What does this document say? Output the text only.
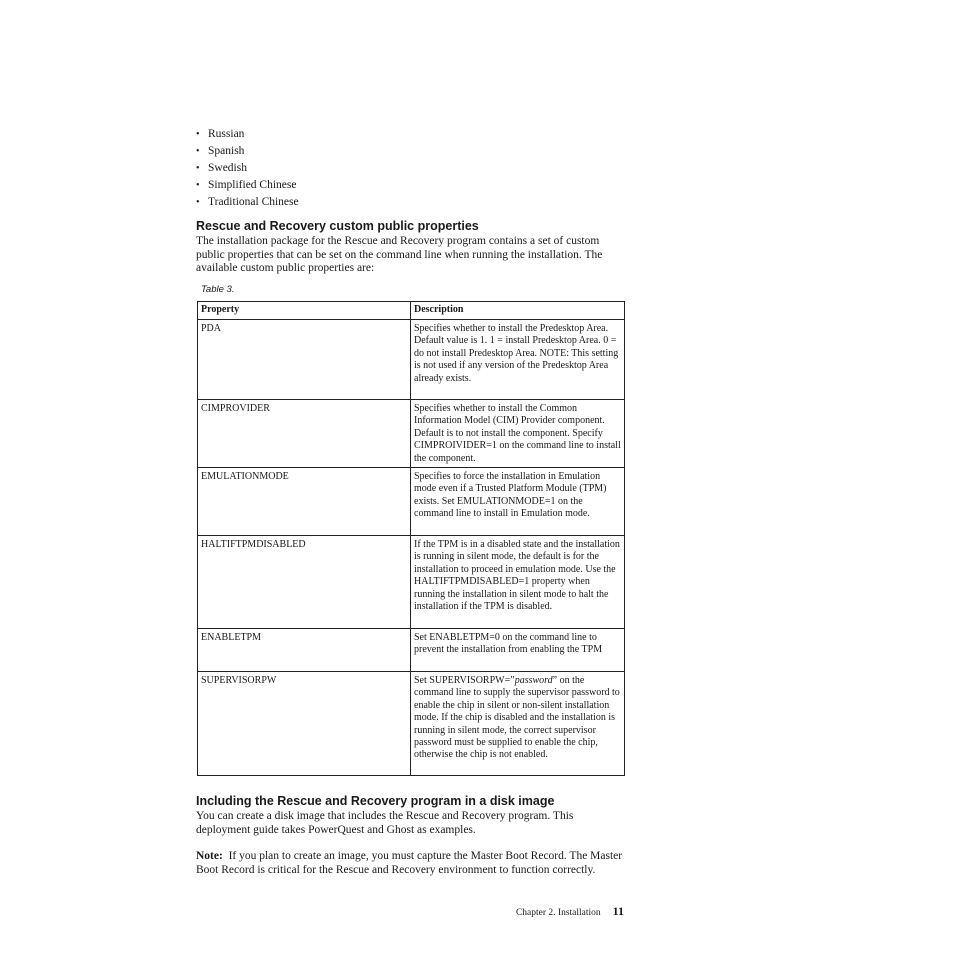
• Russian
• Spanish
• Swedish
• Simplified Chinese
• Traditional Chinese
Rescue and Recovery custom public properties

The installation package for the Rescue and Recovery program contains a set of custom public properties that can be set on the command line when running the installation. The available custom public properties are:

Table 3.
Property	Description
PDA	Specifies whether to install the Predesktop Area. Default value is 1. 1 = install Predesktop Area. 0 = do not install Predesktop Area. NOTE: This setting is not used if any version of the Predesktop Area already exists.
CIMPROVIDER	Specifies whether to install the Common Information Model (CIM) Provider component. Default is to not install the component. Specify CIMPROIVIDER=1 on the command line to install the component.
EMULATIONMODE	Specifies to force the installation in Emulation mode even if a Trusted Platform Module (TPM) exists. Set EMULATIONMODE=1 on the command line to install in Emulation mode.
HALTIFTPMDISABLED	If the TPM is in a disabled state and the installation is running in silent mode, the default is for the installation to proceed in emulation mode. Use the HALTIFTPMDISABLED=1 property when running the installation in silent mode to halt the installation if the TPM is disabled.
ENABLETPM	Set ENABLETPM=0 on the command line to prevent the installation from enabling the TPM
SUPERVISORPW	Set SUPERVISORPW=”password” on the command line to supply the supervisor password to enable the chip in silent or non-silent installation mode. If the chip is disabled and the installation is running in silent mode, the correct supervisor password must be supplied to enable the chip, otherwise the chip is not enabled.
Including the Rescue and Recovery program in a disk image

You can create a disk image that includes the Rescue and Recovery program. This deployment guide takes PowerQuest and Ghost as examples.

Note: If you plan to create an image, you must capture the Master Boot Record. The Master Boot Record is critical for the Rescue and Recovery environment to function correctly.

Chapter 2. Installation 11
